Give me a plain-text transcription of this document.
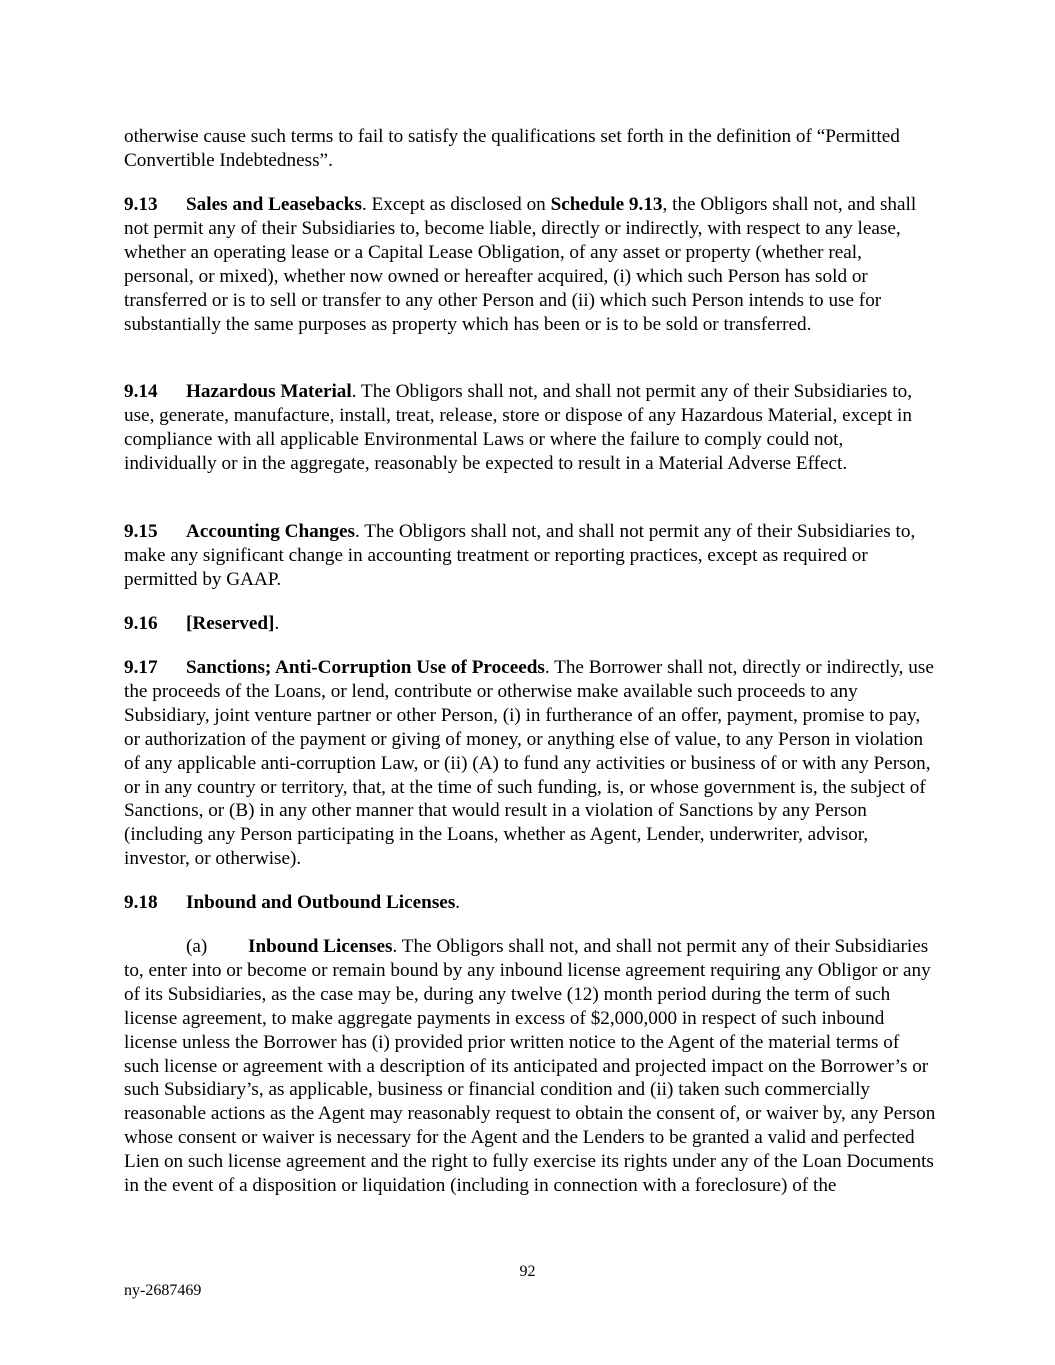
otherwise cause such terms to fail to satisfy the qualifications set forth in the definition of “Permitted Convertible Indebtedness”.

9.13 Sales and Leasebacks. Except as disclosed on Schedule 9.13, the Obligors shall not, and shall not permit any of their Subsidiaries to, become liable, directly or indirectly, with respect to any lease, whether an operating lease or a Capital Lease Obligation, of any asset or property (whether real, personal, or mixed), whether now owned or hereafter acquired, (i) which such Person has sold or transferred or is to sell or transfer to any other Person and (ii) which such Person intends to use for substantially the same purposes as property which has been or is to be sold or transferred.

9.14 Hazardous Material. The Obligors shall not, and shall not permit any of their Subsidiaries to, use, generate, manufacture, install, treat, release, store or dispose of any Hazardous Material, except in compliance with all applicable Environmental Laws or where the failure to comply could not, individually or in the aggregate, reasonably be expected to result in a Material Adverse Effect.

9.15 Accounting Changes. The Obligors shall not, and shall not permit any of their Subsidiaries to, make any significant change in accounting treatment or reporting practices, except as required or permitted by GAAP.

9.16 [Reserved].

9.17 Sanctions; Anti-Corruption Use of Proceeds. The Borrower shall not, directly or indirectly, use the proceeds of the Loans, or lend, contribute or otherwise make available such proceeds to any Subsidiary, joint venture partner or other Person, (i) in furtherance of an offer, payment, promise to pay, or authorization of the payment or giving of money, or anything else of value, to any Person in violation of any applicable anti-corruption Law, or (ii) (A) to fund any activities or business of or with any Person, or in any country or territory, that, at the time of such funding, is, or whose government is, the subject of Sanctions, or (B) in any other manner that would result in a violation of Sanctions by any Person (including any Person participating in the Loans, whether as Agent, Lender, underwriter, advisor, investor, or otherwise).

9.18 Inbound and Outbound Licenses.

(a) Inbound Licenses. The Obligors shall not, and shall not permit any of their Subsidiaries to, enter into or become or remain bound by any inbound license agreement requiring any Obligor or any of its Subsidiaries, as the case may be, during any twelve (12) month period during the term of such license agreement, to make aggregate payments in excess of $2,000,000 in respect of such inbound license unless the Borrower has (i) provided prior written notice to the Agent of the material terms of such license or agreement with a description of its anticipated and projected impact on the Borrower’s or such Subsidiary’s, as applicable, business or financial condition and (ii) taken such commercially reasonable actions as the Agent may reasonably request to obtain the consent of, or waiver by, any Person whose consent or waiver is necessary for the Agent and the Lenders to be granted a valid and perfected Lien on such license agreement and the right to fully exercise its rights under any of the Loan Documents in the event of a disposition or liquidation (including in connection with a foreclosure) of the

92
ny-2687469
